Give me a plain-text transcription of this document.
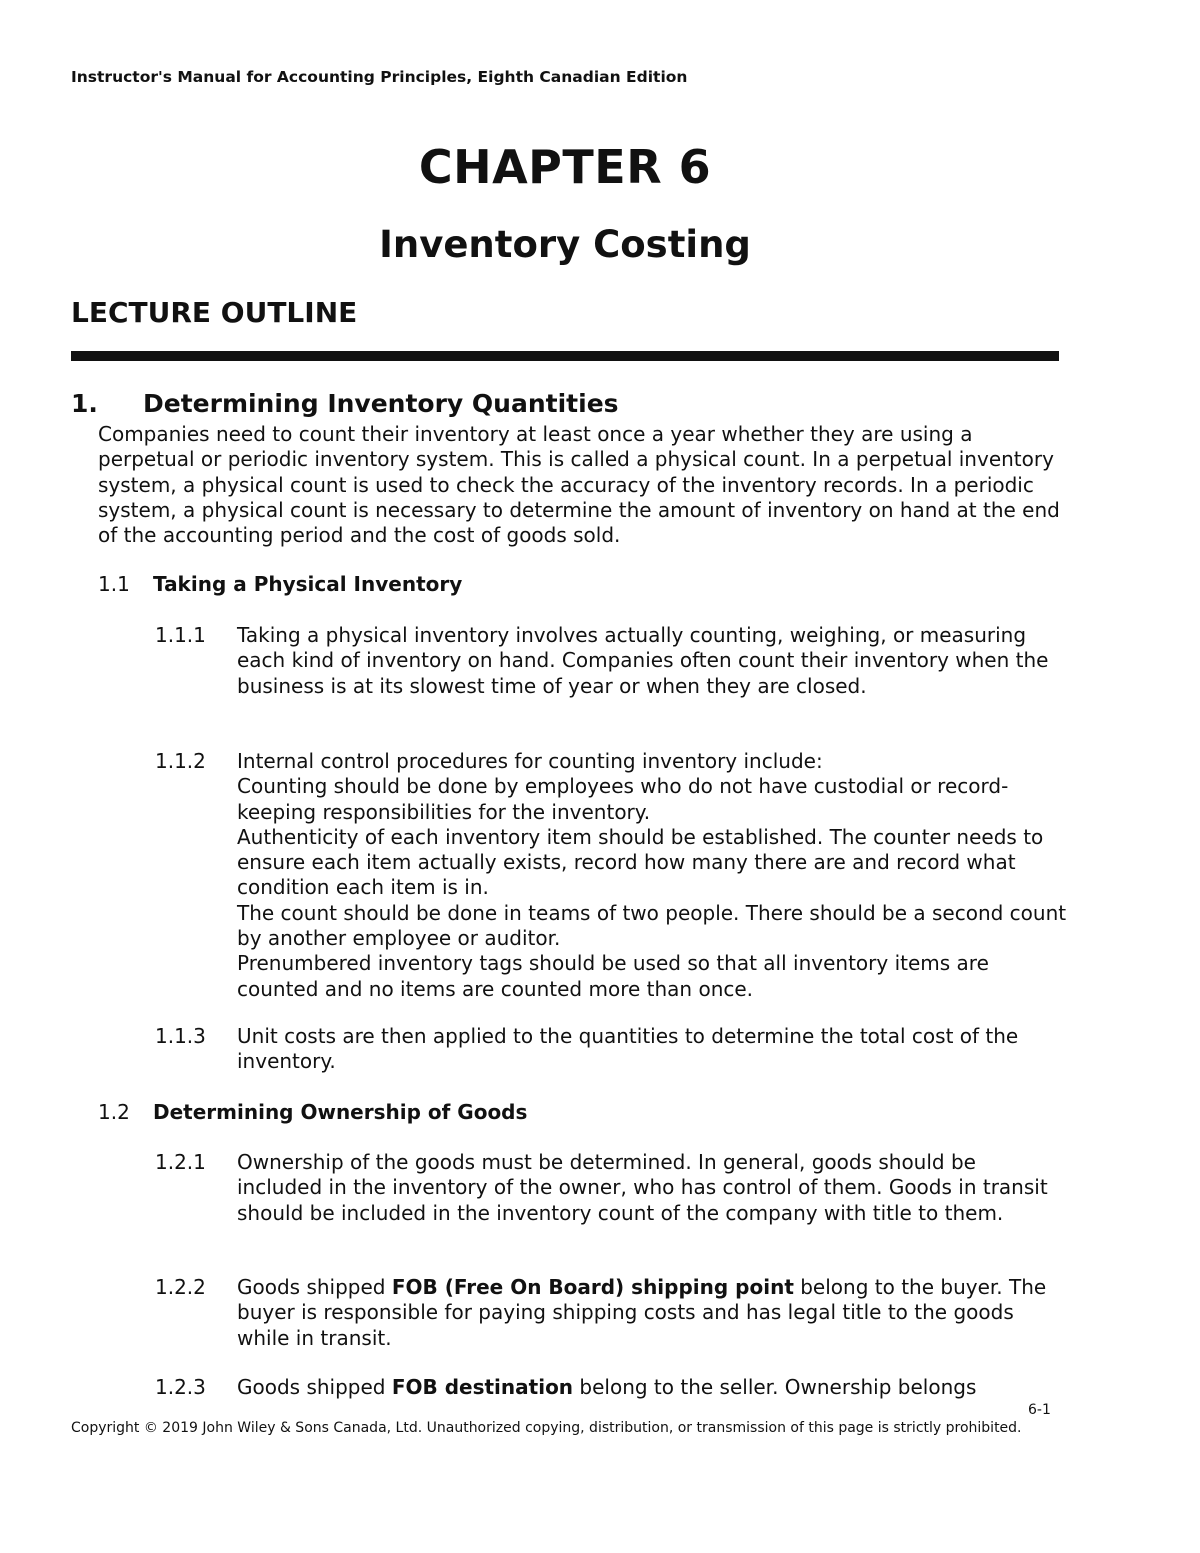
Instructor's Manual for Accounting Principles, Eighth Canadian Edition
CHAPTER 6
Inventory Costing
LECTURE OUTLINE
1. Determining Inventory Quantities
Companies need to count their inventory at least once a year whether they are using a perpetual or periodic inventory system. This is called a physical count. In a perpetual inventory system, a physical count is used to check the accuracy of the inventory records. In a periodic system, a physical count is necessary to determine the amount of inventory on hand at the end of the accounting period and the cost of goods sold.
1.1 Taking a Physical Inventory
1.1.1 Taking a physical inventory involves actually counting, weighing, or measuring each kind of inventory on hand. Companies often count their inventory when the business is at its slowest time of year or when they are closed.
1.1.2 Internal control procedures for counting inventory include:

Counting should be done by employees who do not have custodial or record-keeping responsibilities for the inventory.

Authenticity of each inventory item should be established. The counter needs to ensure each item actually exists, record how many there are and record what condition each item is in.

The count should be done in teams of two people. There should be a second count by another employee or auditor.

Prenumbered inventory tags should be used so that all inventory items are counted and no items are counted more than once.

1.1.3 Unit costs are then applied to the quantities to determine the total cost of the inventory.
1.2 Determining Ownership of Goods
1.2.1 Ownership of the goods must be determined. In general, goods should be included in the inventory of the owner, who has control of them. Goods in transit should be included in the inventory count of the company with title to them.
1.2.2 Goods shipped FOB (Free On Board) shipping point belong to the buyer. The buyer is responsible for paying shipping costs and has legal title to the goods while in transit.
1.2.3 Goods shipped FOB destination belong to the seller. Ownership belongs
6-1
Copyright © 2019 John Wiley & Sons Canada, Ltd. Unauthorized copying, distribution, or transmission of this page is strictly prohibited.
